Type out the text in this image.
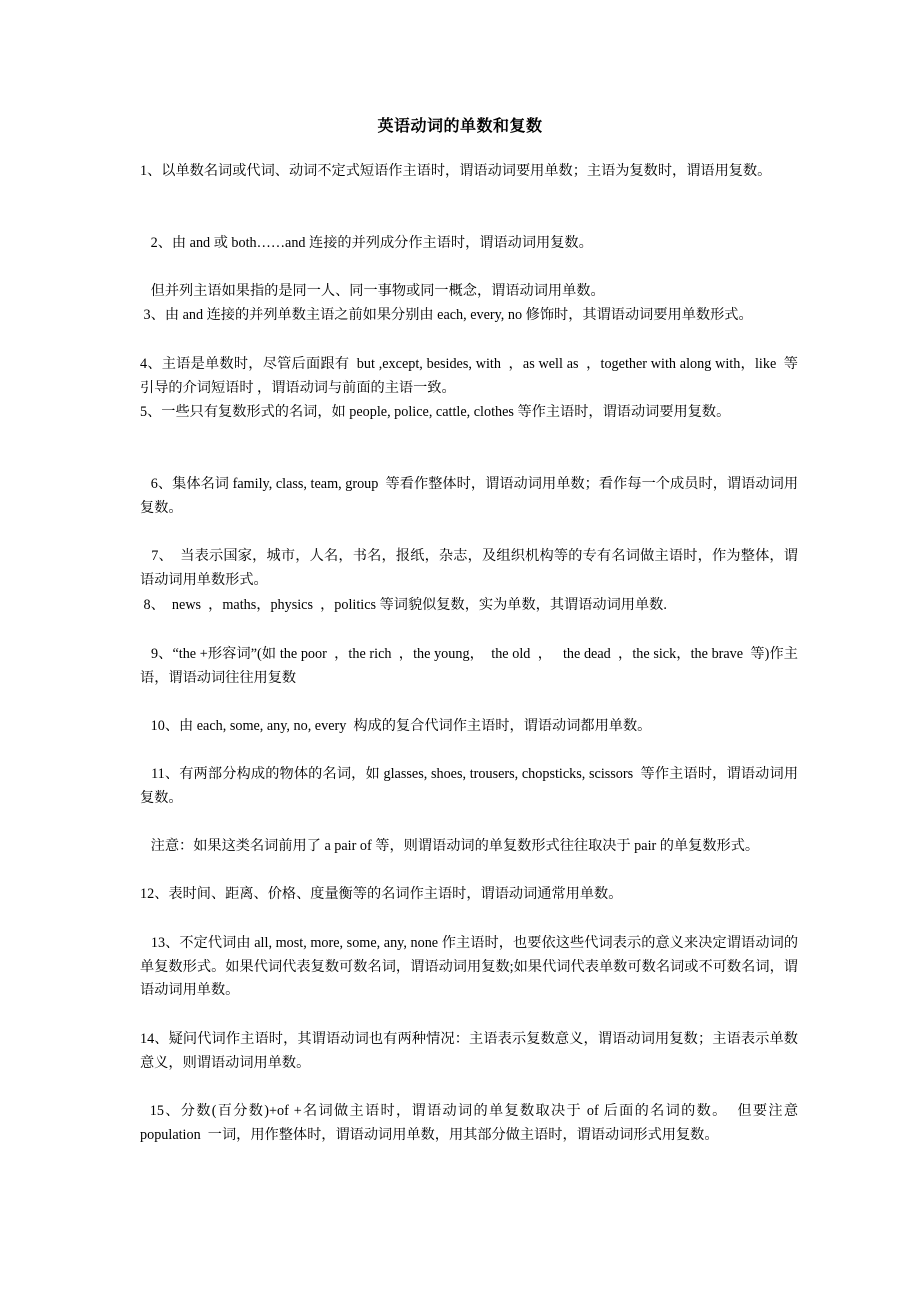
英语动词的单数和复数
1、以单数名词或代词、动词不定式短语作主语时，谓语动词要用单数；主语为复数时，谓语用复数。
2、由 and 或 both……and 连接的并列成分作主语时，谓语动词用复数。
但并列主语如果指的是同一人、同一事物或同一概念，谓语动词用单数。
3、由 and 连接的并列单数主语之前如果分别由 each, every, no 修饰时，其谓语动词要用单数形式。
4、主语是单数时，尽管后面跟有  but ,except, besides, with  ，as well as  ，together with along with，like  等引导的介词短语时 ，谓语动词与前面的主语一致。
5、一些只有复数形式的名词，如 people, police, cattle, clothes 等作主语时，谓语动词要用复数。
6、集体名词 family, class, team, group  等看作整体时，谓语动词用单数；看作每一个成员时，谓语动词用复数。
7、  当表示国家，城市，人名，书名，报纸，杂志，及组织机构等的专有名词做主语时，作为整体，谓语动词用单数形式。
8、  news  ，maths，physics  ，politics 等词貌似复数，实为单数，其谓语动词用单数.
9、“the +形容词”(如 the poor  ，the rich  ，the young，  the old  ，   the dead  ，the sick，the brave  等)作主语，谓语动词往往用复数
10、由 each, some, any, no, every  构成的复合代词作主语时，谓语动词都用单数。
11、有两部分构成的物体的名词，如 glasses, shoes, trousers, chopsticks, scissors  等作主语时，谓语动词用复数。
注意：如果这类名词前用了 a pair of 等，则谓语动词的单复数形式往往取决于 pair 的单复数形式。
12、表时间、距离、价格、度量衡等的名词作主语时，谓语动词通常用单数。
13、不定代词由 all, most, more, some, any, none 作主语时，也要依这些代词表示的意义来决定谓语动词的单复数形式。如果代词代表复数可数名词，谓语动词用复数;如果代词代表单数可数名词或不可数名词，谓语动词用单数。
14、疑问代词作主语时，其谓语动词也有两种情况：主语表示复数意义，谓语动词用复数；主语表示单数意义，则谓语动词用单数。
15、分数(百分数)+of +名词做主语时，谓语动词的单复数取决于 of 后面的名词的数。  但要注意 population  一词，用作整体时，谓语动词用单数，用其部分做主语时，谓语动词形式用复数。
